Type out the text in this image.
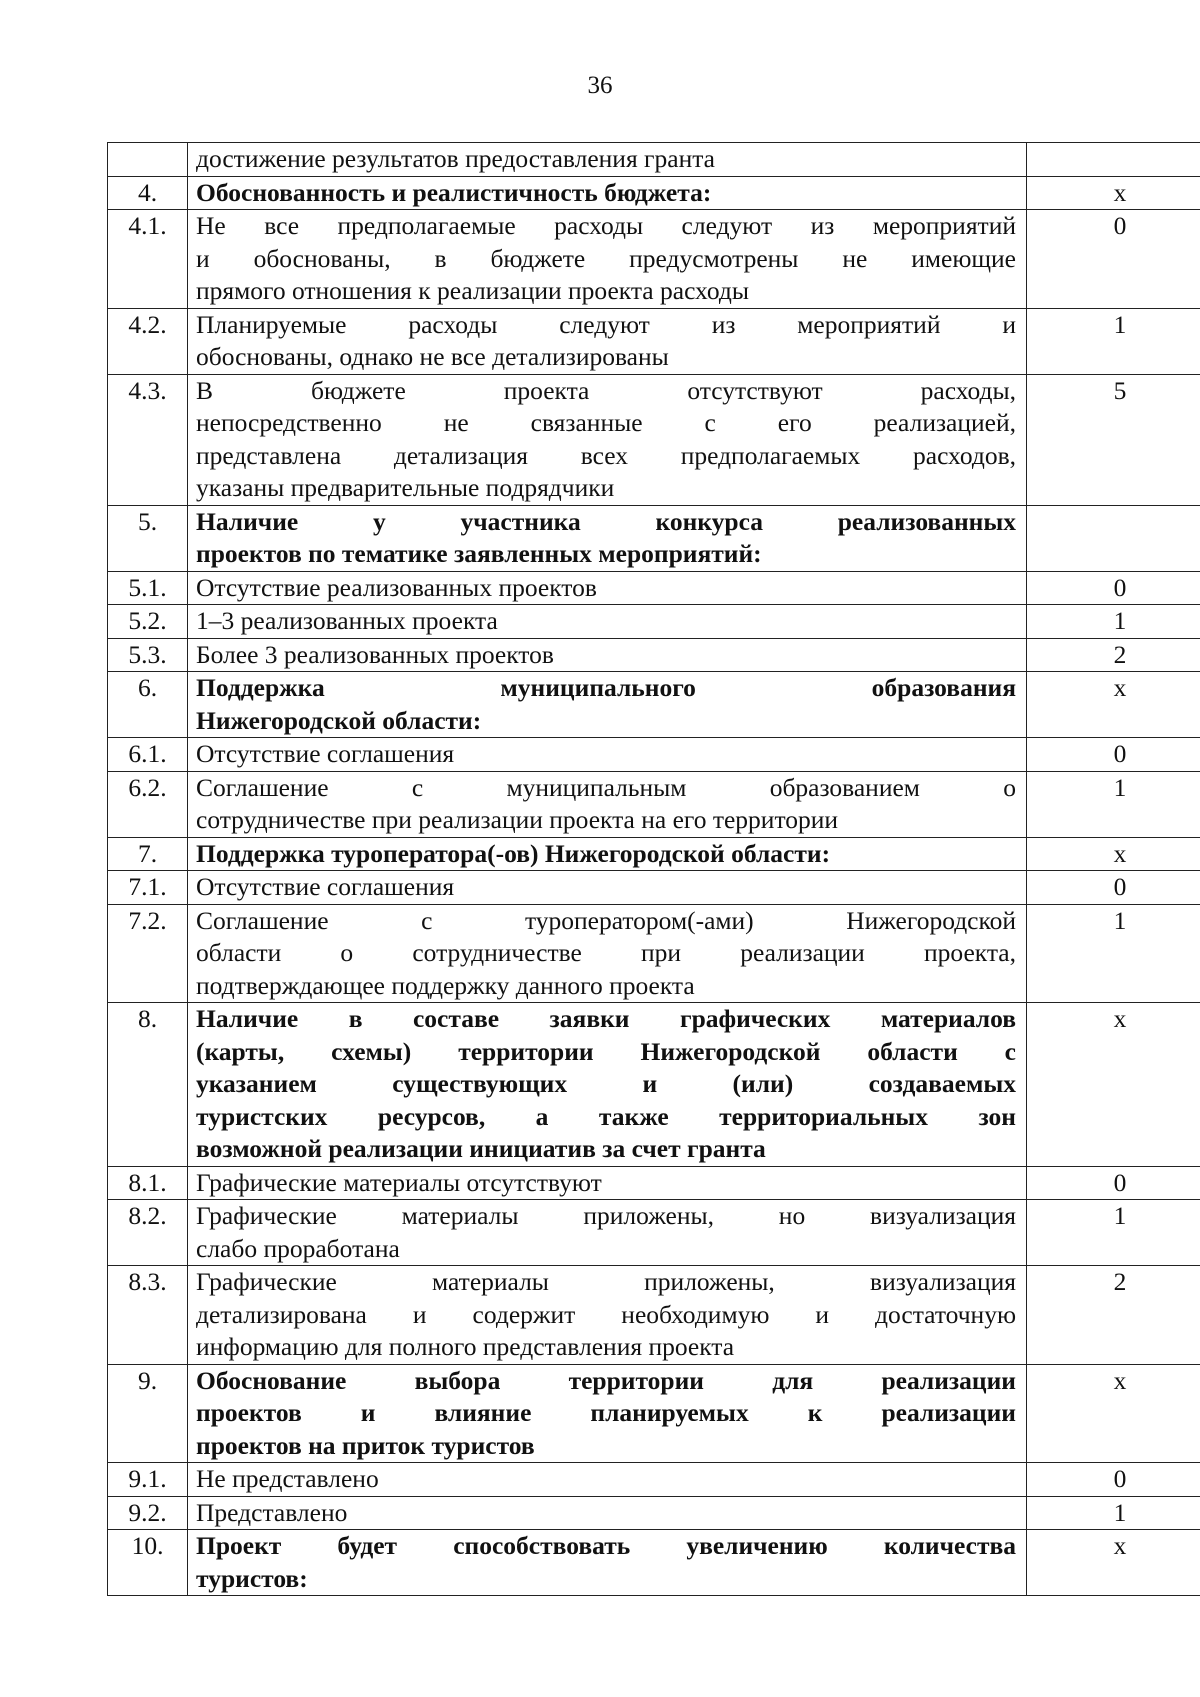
36

	достижение результатов предоставления гранта	

4.	Обоснованность и реалистичность бюджета:	х
4.1.	Не все предполагаемые расходы следуют из мероприятий
и обоснованы, в бюджете предусмотрены не имеющие
прямого отношения к реализации проекта расходы	0
4.2.	Планируемые расходы следуют из мероприятий и
обоснованы, однако не все детализированы	1
4.3.	В бюджете проекта отсутствуют расходы,
непосредственно не связанные с его реализацией,
представлена детализация всех предполагаемых расходов,
указаны предварительные подрядчики	5
5.	Наличие у участника конкурса реализованных
проектов по тематике заявленных мероприятий:	

5.1.	Отсутствие реализованных проектов	0
5.2.	1–3 реализованных проекта	1
5.3.	Более 3 реализованных проектов	2
6.	Поддержка муниципального образования
Нижегородской области:	х
6.1.	Отсутствие соглашения	0
6.2.	Соглашение с муниципальным образованием о
сотрудничестве при реализации проекта на его территории	1
7.	Поддержка туроператора(-ов) Нижегородской области:	х
7.1.	Отсутствие соглашения	0
7.2.	Соглашение с туроператором(-ами) Нижегородской
области о сотрудничестве при реализации проекта,
подтверждающее поддержку данного проекта	1
8.	Наличие в составе заявки графических материалов
(карты, схемы) территории Нижегородской области с
указанием существующих и (или) создаваемых
туристских ресурсов, а также территориальных зон
возможной реализации инициатив за счет гранта	х
8.1.	Графические материалы отсутствуют	0
8.2.	Графические материалы приложены, но визуализация
слабо проработана	1
8.3.	Графические материалы приложены, визуализация
детализирована и содержит необходимую и достаточную
информацию для полного представления проекта	2
9.	Обоснование выбора территории для реализации
проектов и влияние планируемых к реализации
проектов на приток туристов	х
9.1.	Не представлено	0
9.2.	Представлено	1
10.	Проект будет способствовать увеличению количества
туристов:	х
